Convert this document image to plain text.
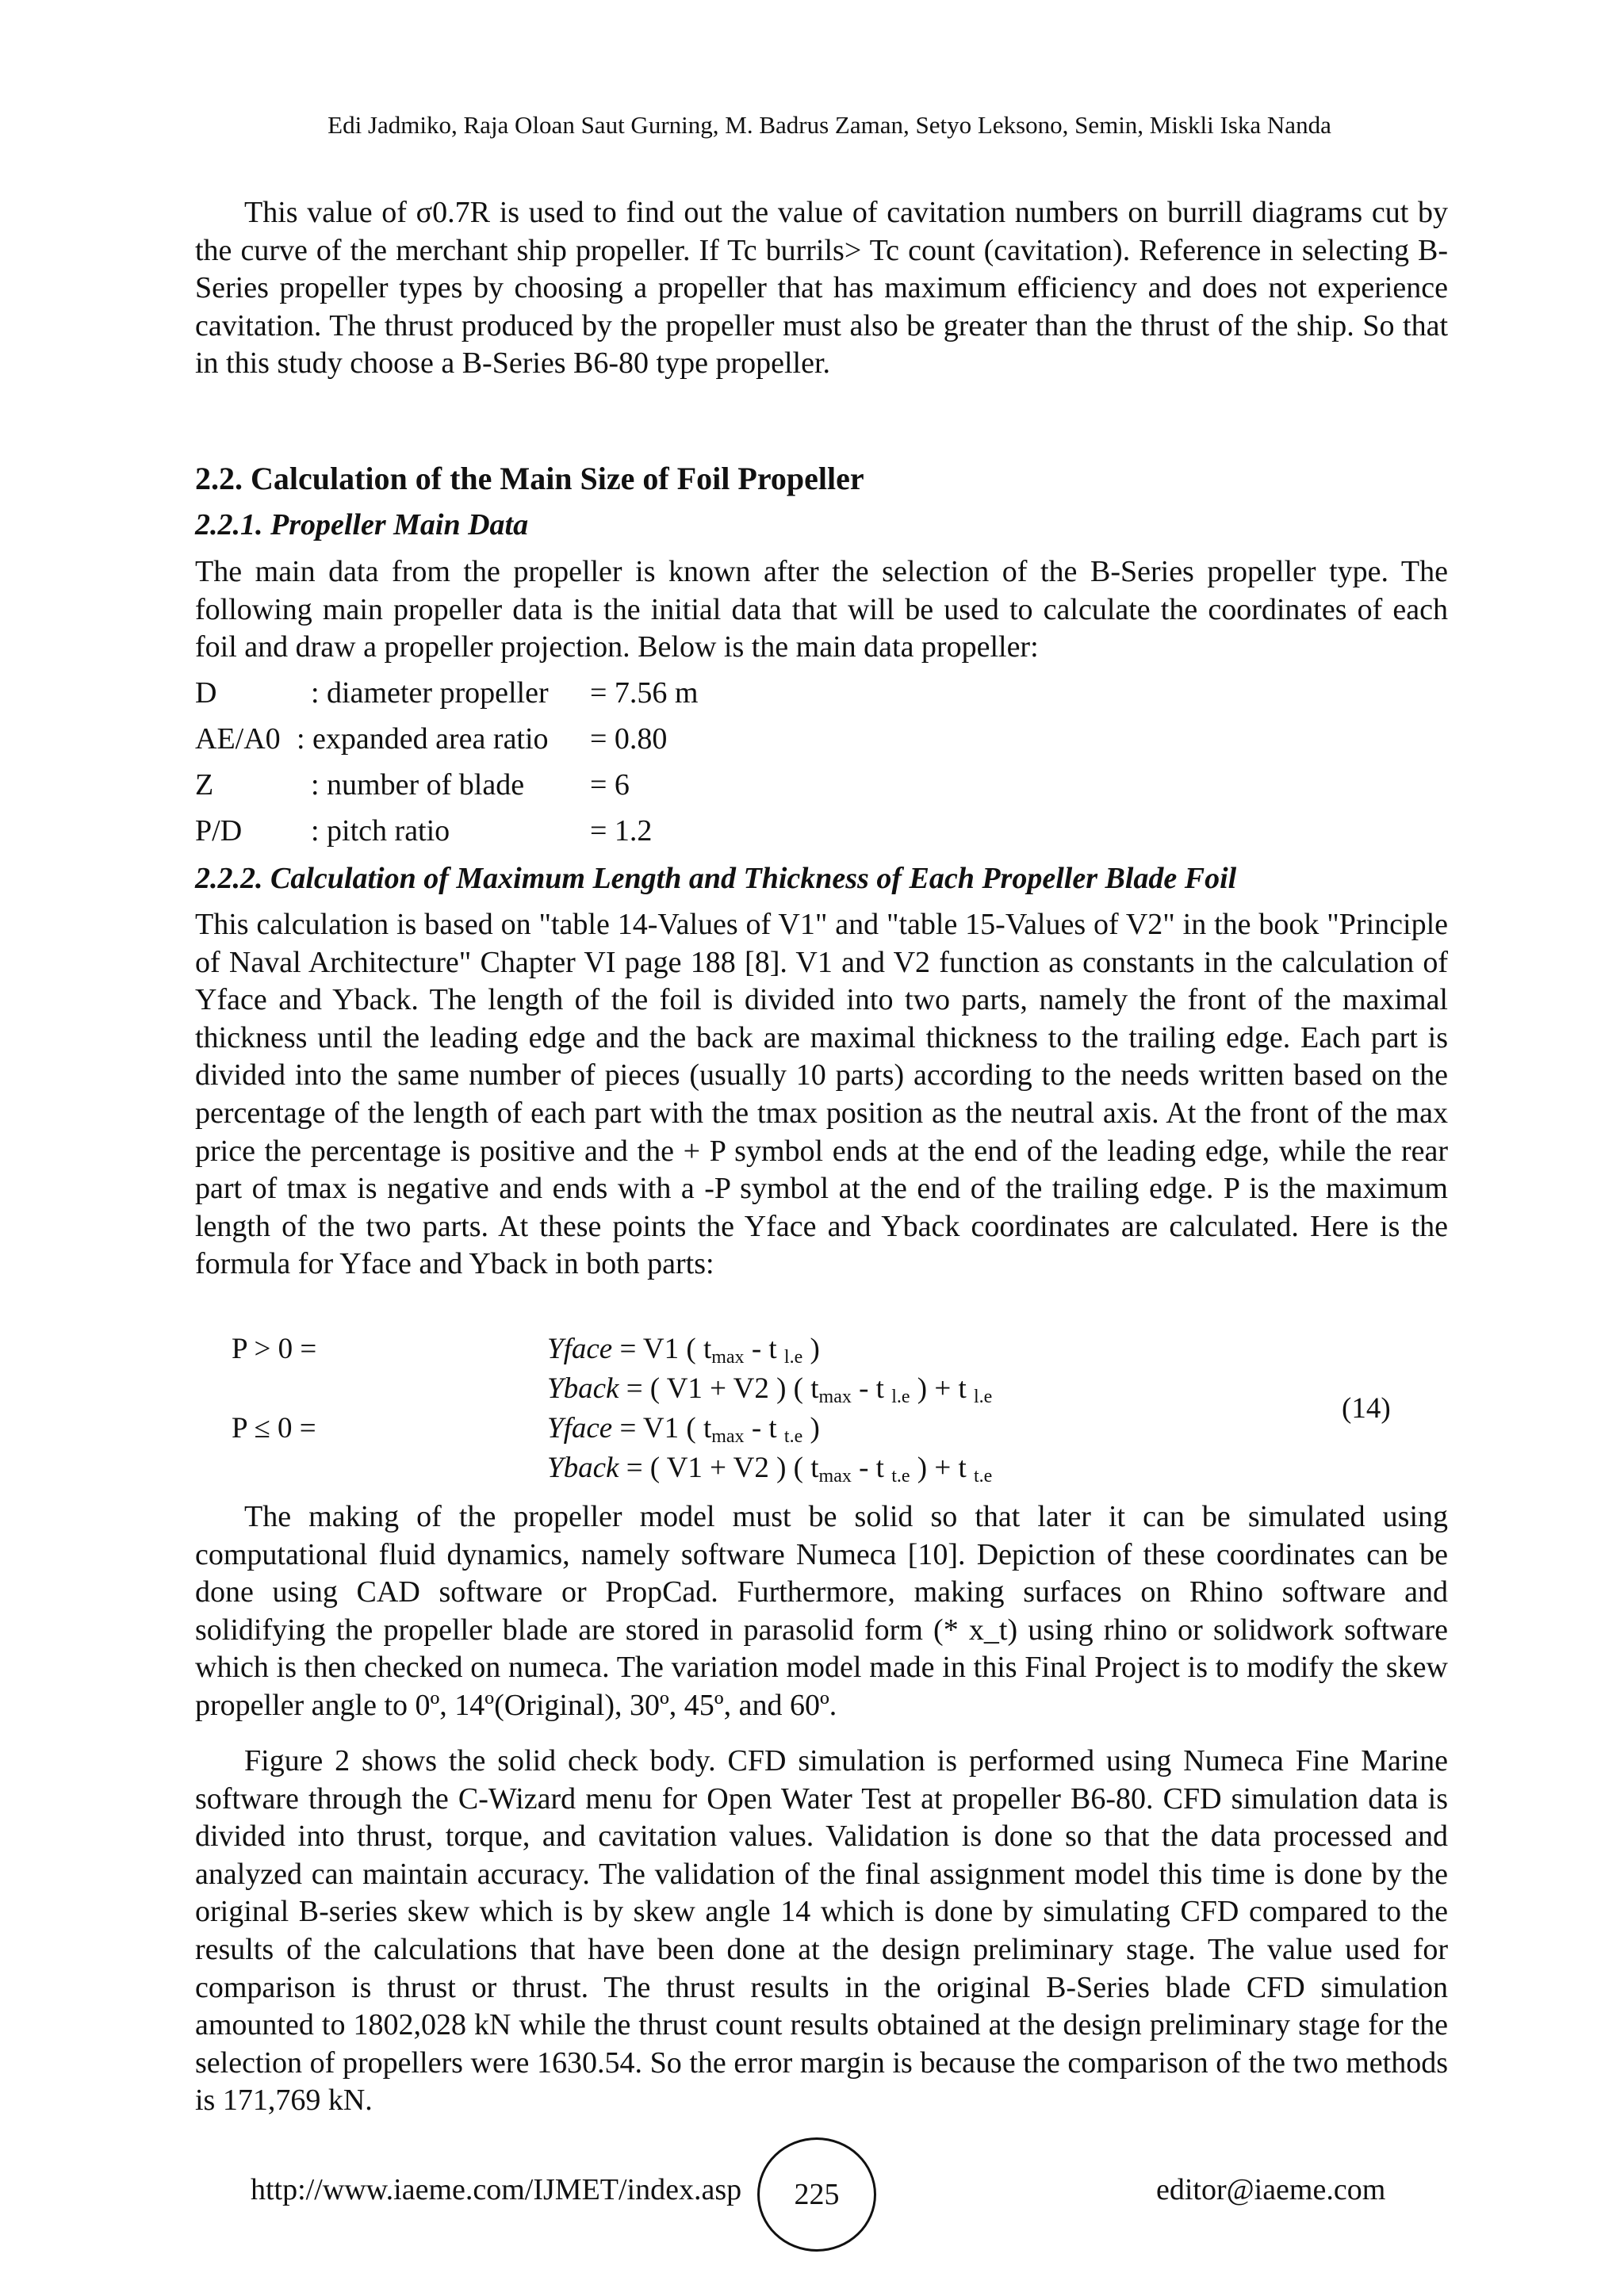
Edi Jadmiko, Raja Oloan Saut Gurning, M. Badrus Zaman, Setyo Leksono, Semin, Miskli Iska Nanda

This value of σ0.7R is used to find out the value of cavitation numbers on burrill diagrams cut by the curve of the merchant ship propeller. If Tc burrils> Tc count (cavitation). Reference in selecting B-Series propeller types by choosing a propeller that has maximum efficiency and does not experience cavitation. The thrust produced by the propeller must also be greater than the thrust of the ship. So that in this study choose a B-Series B6-80 type propeller.

2.2. Calculation of the Main Size of Foil Propeller
2.2.1. Propeller Main Data

The main data from the propeller is known after the selection of the B-Series propeller type. The following main propeller data is the initial data that will be used to calculate the coordinates of each foil and draw a propeller projection. Below is the main data propeller:

D	: diameter propeller = 7.56 m
AE/A0 : expanded area ratio = 0.80
Z	: number of blade = 6
P/D : pitch ratio	= 1.2
2.2.2. Calculation of Maximum Length and Thickness of Each Propeller Blade Foil

This calculation is based on "table 14-Values of V1" and "table 15-Values of V2" in the book "Principle of Naval Architecture" Chapter VI page 188 [8]. V1 and V2 function as constants in the calculation of Yface and Yback. The length of the foil is divided into two parts, namely the front of the maximal thickness until the leading edge and the back are maximal thickness to the trailing edge. Each part is divided into the same number of pieces (usually 10 parts) according to the needs written based on the percentage of the length of each part with the tmax position as the neutral axis. At the front of the max price the percentage is positive and the + P symbol ends at the end of the leading edge, while the rear part of tmax is negative and ends with a -P symbol at the end of the trailing edge. P is the maximum length of the two parts. At these points the Yface and Yback coordinates are calculated. Here is the formula for Yface and Yback in both parts:

P > 0 =	Yface = V1 ( $t_{max}$ - t $_{l.e}$ )
Yback = ( V1 + V2 ) ( $t_{max}$ - t $_{l.e}$ ) + t $_{l.e}$
P ≤ 0 =	Yface = V1 ( $t_{max}$ - t $_{t.e}$ )
Yback = ( V1 + V2 ) ( $t_{max}$ - t $_{t.e}$ ) + t $_{t.e}$
(14)

The making of the propeller model must be solid so that later it can be simulated using computational fluid dynamics, namely software Numeca [10]. Depiction of these coordinates can be done using CAD software or PropCad. Furthermore, making surfaces on Rhino software and solidifying the propeller blade are stored in parasolid form (* x_t) using rhino or solidwork software which is then checked on numeca. The variation model made in this Final Project is to modify the skew propeller angle to 0º, 14º(Original), 30º, 45º, and 60º.

Figure 2 shows the solid check body. CFD simulation is performed using Numeca Fine Marine software through the C-Wizard menu for Open Water Test at propeller B6-80. CFD simulation data is divided into thrust, torque, and cavitation values. Validation is done so that the data processed and analyzed can maintain accuracy. The validation of the final assignment model this time is done by the original B-series skew which is by skew angle 14 which is done by simulating CFD compared to the results of the calculations that have been done at the design preliminary stage. The value used for comparison is thrust or thrust. The thrust results in the original B-Series blade CFD simulation amounted to 1802,028 kN while the thrust count results obtained at the design preliminary stage for the selection of propellers were 1630.54. So the error margin is because the comparison of the two methods is 171,769 kN.

http://www.iaeme.com/IJMET/index.asp 225	editor@iaeme.com
